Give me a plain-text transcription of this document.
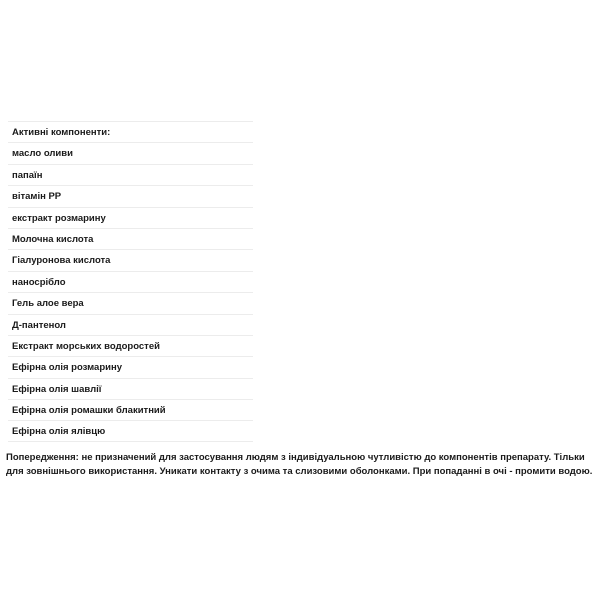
Активні компоненти:
масло оливи
папаїн
вітамін РР
екстракт розмарину
Молочна кислота
Гіалуронова кислота
наносрібло
Гель алое вера
Д-пантенол
Екстракт морських водоростей
Ефірна олія розмарину
Ефірна олія шавлії
Ефірна олія ромашки блакитний
Ефірна олія ялівцю

Попередження: не призначений для застосування людям з індивідуальною чутливістю до компонентів препарату. Тільки
для зовнішнього використання. Уникати контакту з очима та слизовими оболонками. При попаданні в очі - промити водою.
